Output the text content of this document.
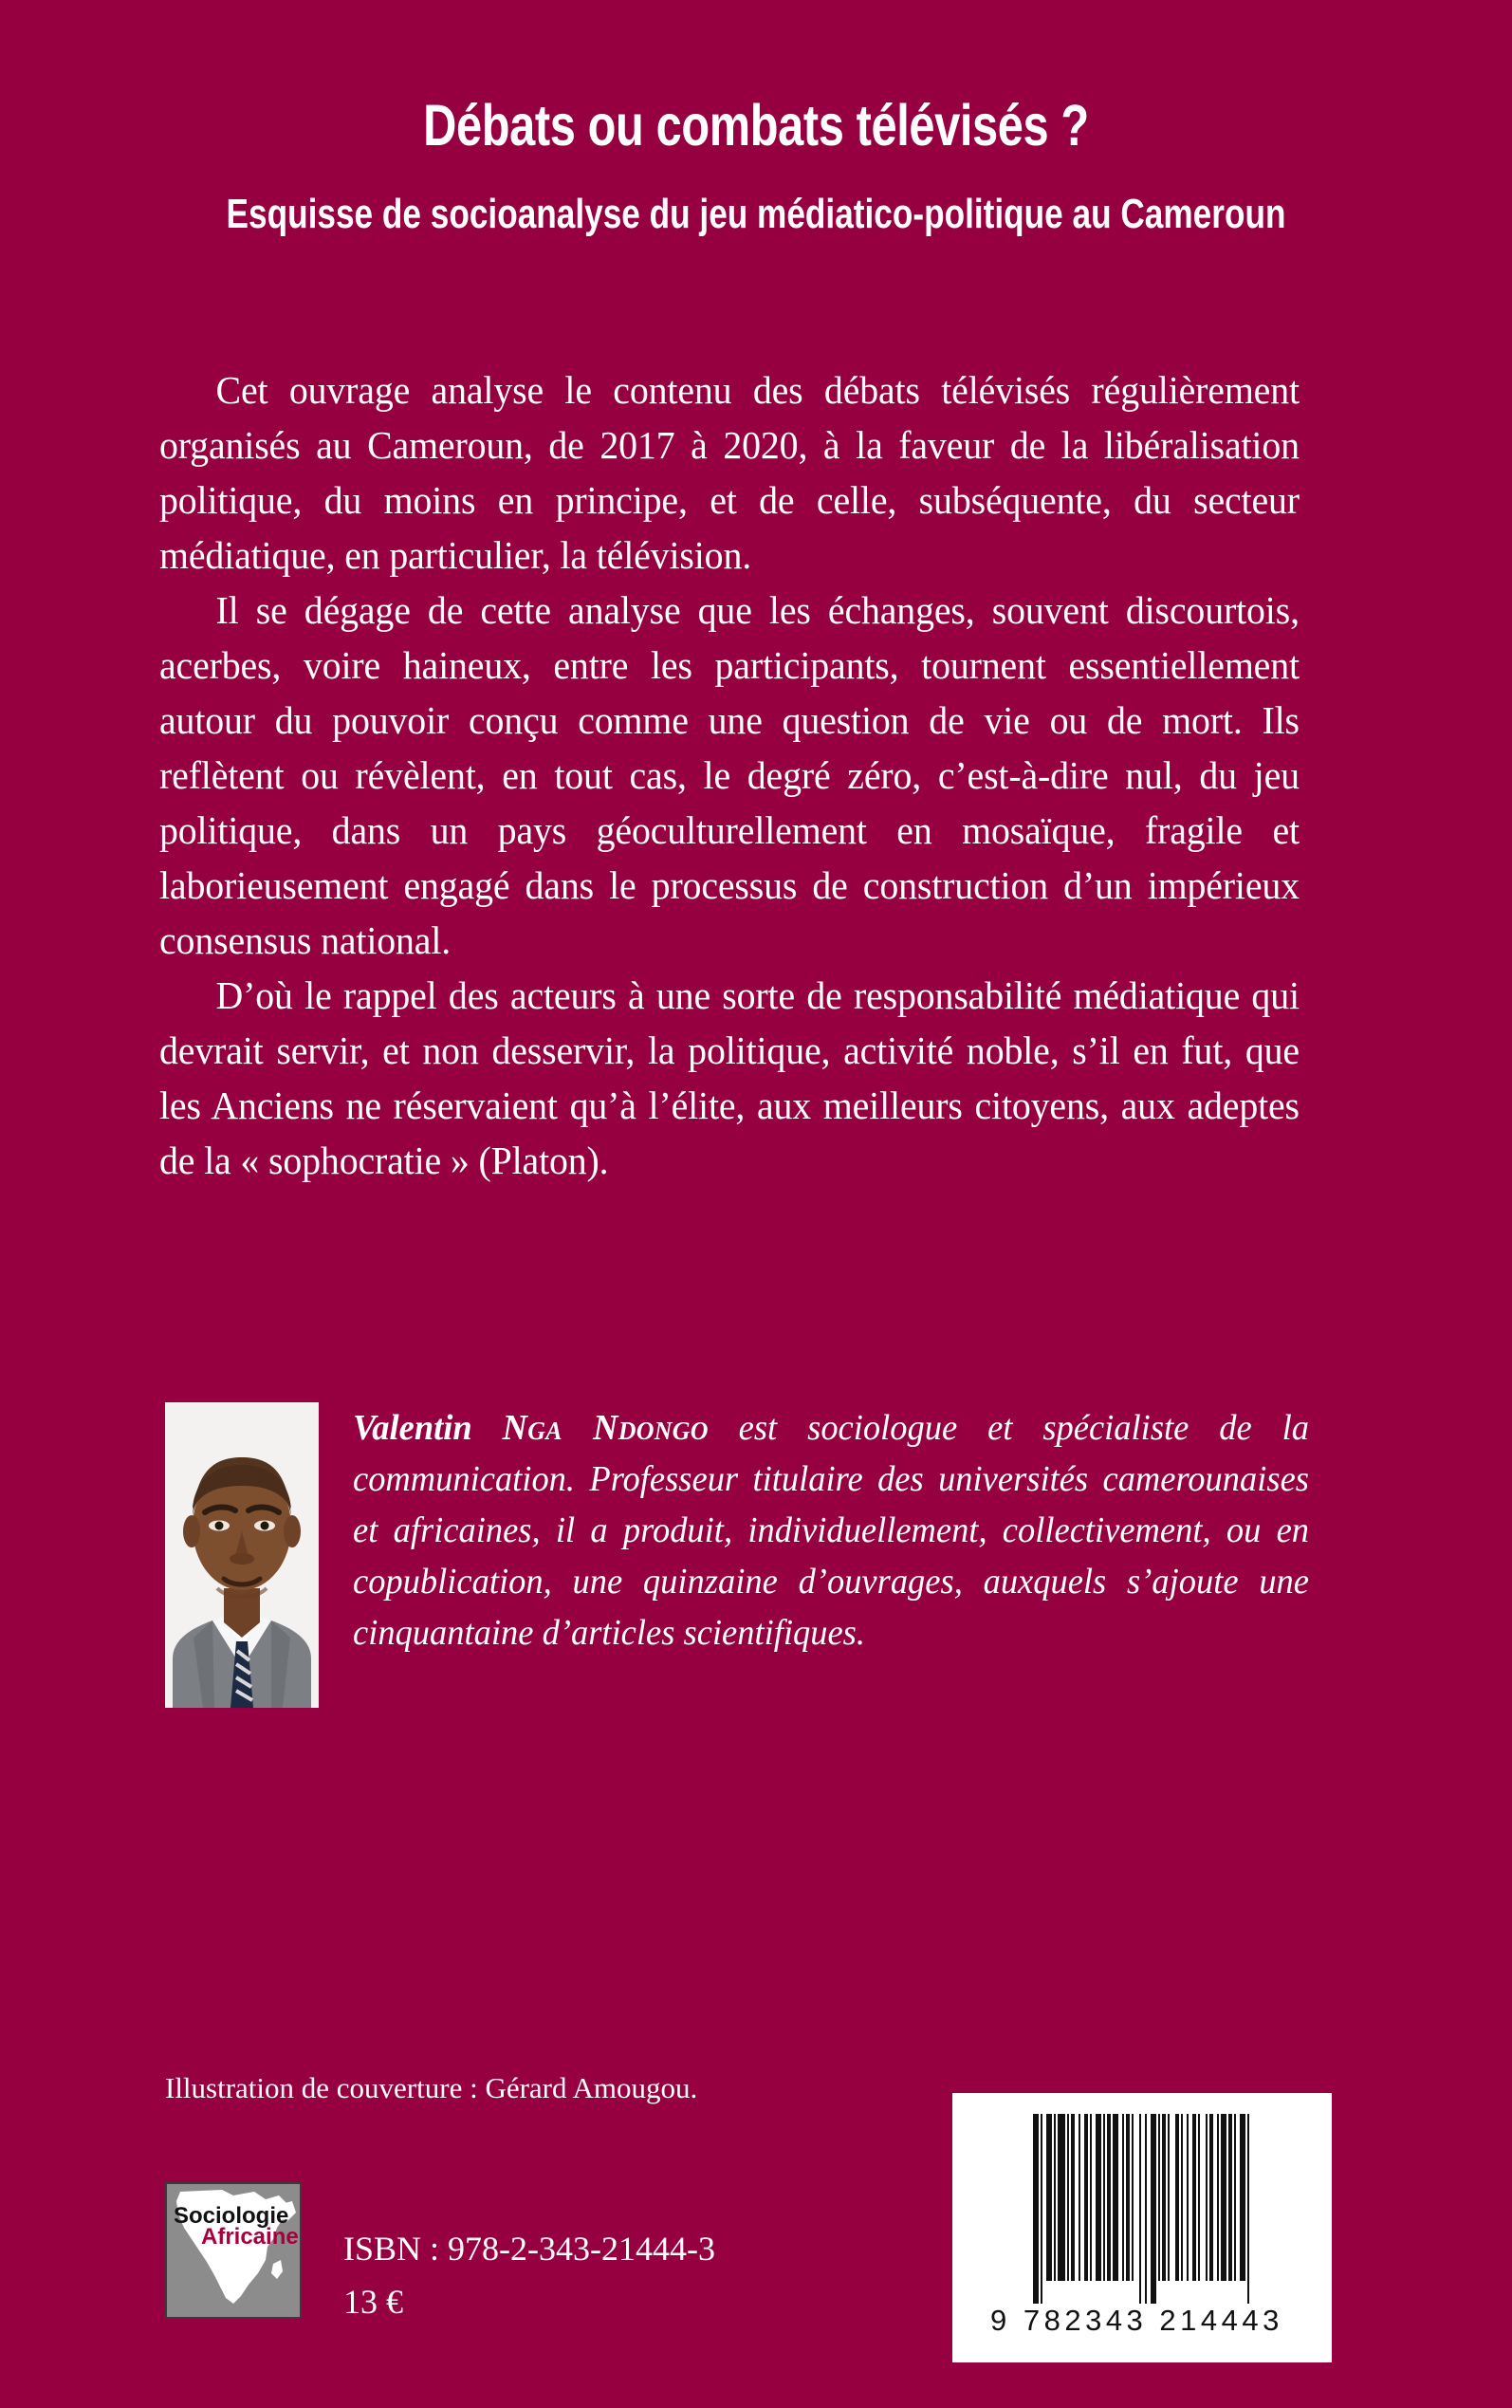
Débats ou combats télévisés ?
Esquisse de socioanalyse du jeu médiatico-politique au Cameroun

Cet ouvrage analyse le contenu des débats télévisés régulièrement organisés au Cameroun, de 2017 à 2020, à la faveur de la libéralisation politique, du moins en principe, et de celle, subséquente, du secteur médiatique, en particulier, la télévision.

Il se dégage de cette analyse que les échanges, souvent discourtois, acerbes, voire haineux, entre les participants, tournent essentiellement autour du pouvoir conçu comme une question de vie ou de mort. Ils reflètent ou révèlent, en tout cas, le degré zéro, c’est-à-dire nul, du jeu politique, dans un pays géoculturellement en mosaïque, fragile et laborieusement engagé dans le processus de construction d’un impérieux consensus national.

D’où le rappel des acteurs à une sorte de responsabilité médiatique qui devrait servir, et non desservir, la politique, activité noble, s’il en fut, que les Anciens ne réservaient qu’à l’élite, aux meilleurs citoyens, aux adeptes de la « sophocratie » (Platon).

Valentin Nga Ndongo est sociologue et spécialiste de la communication. Professeur titulaire des universités camerounaises et africaines, il a produit, individuellement, collectivement, ou en copublication, une quinzaine d’ouvrages, auxquels s’ajoute une cinquantaine d’articles scientifiques.
Illustration de couverture : Gérard Amougou.
Sociologie
Africaine	ISBN : 978-2-343-21444-3
13 €	9 782343 214443
